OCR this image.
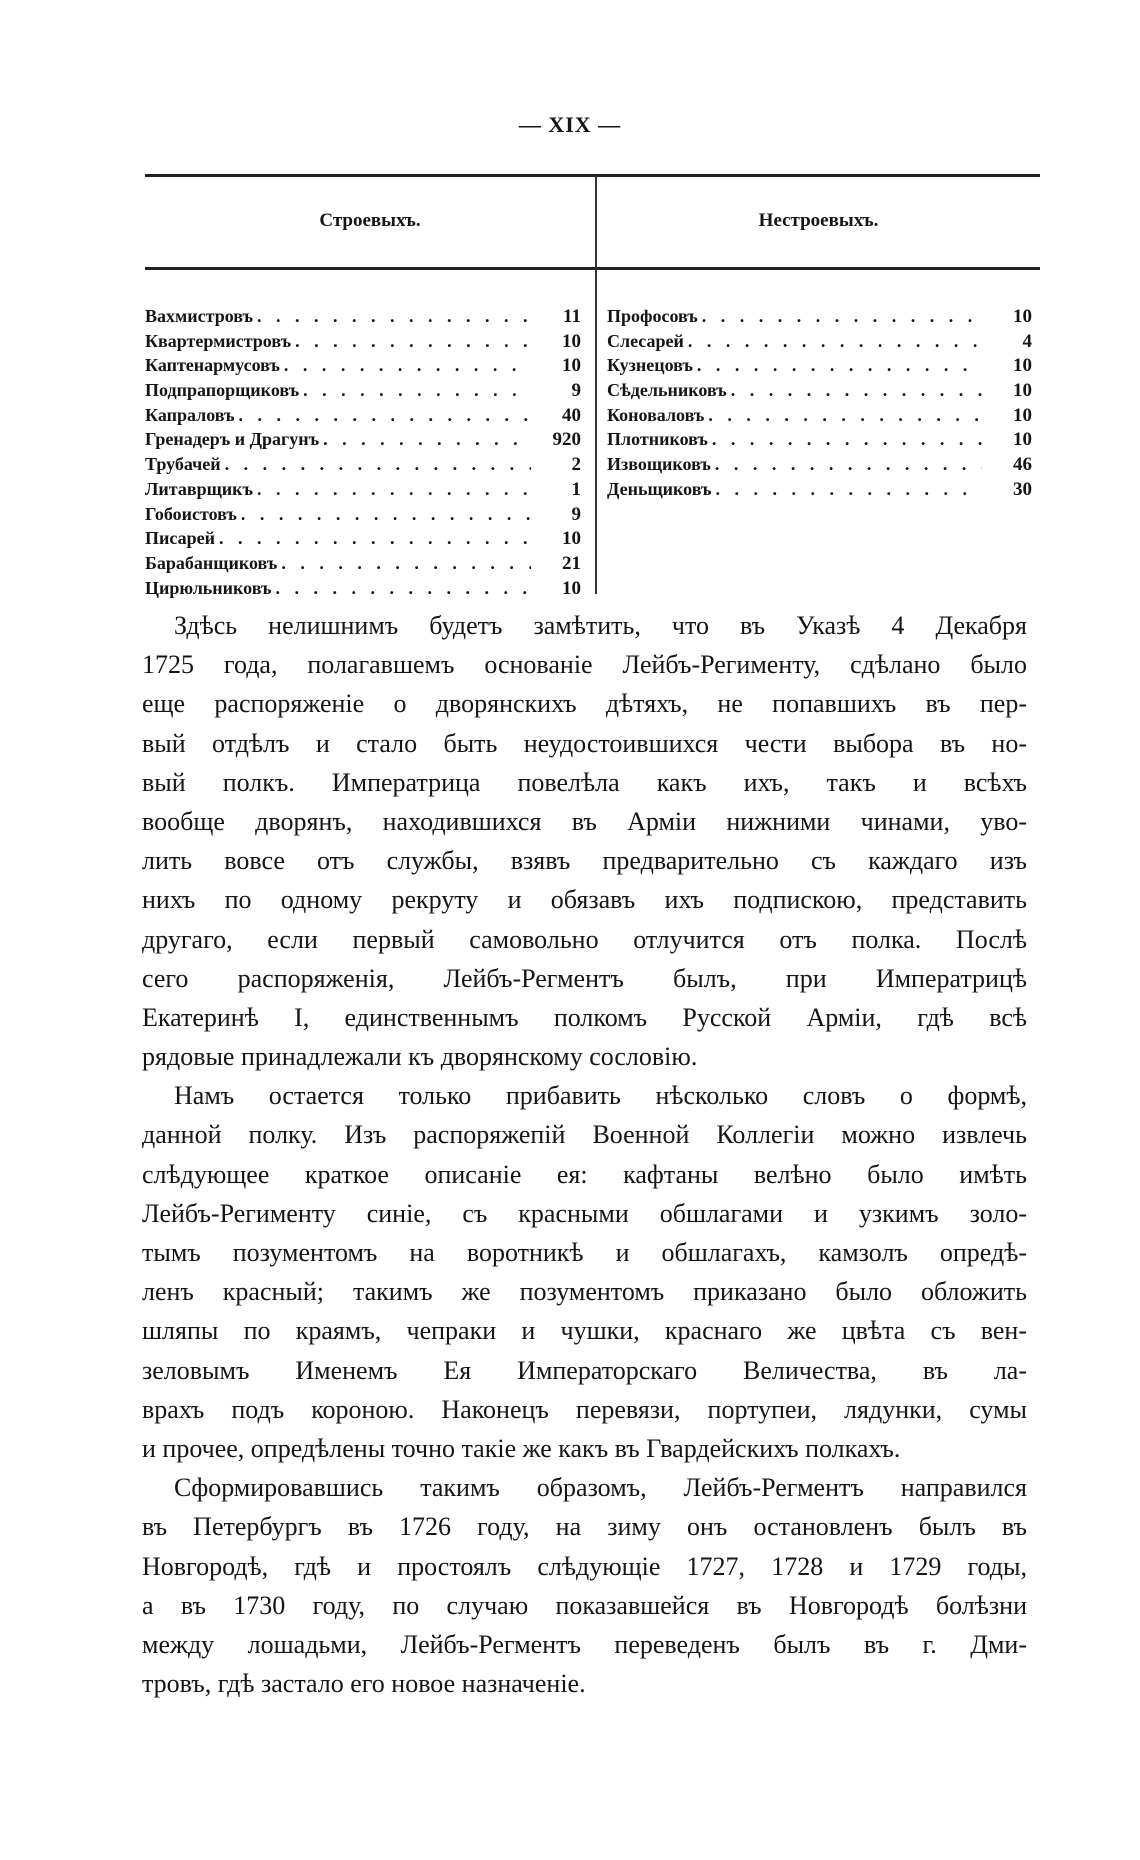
— XIX —
Строевыхъ.	Нестроевыхъ.
Вахмистровъ . . .	11
Квартермистровъ . . .	10
Каптенармусовъ . . .	10
Подпрапорщиковъ . . .	9
Капраловъ . . .	40
Гренадеръ и Драгунъ . . .	920
Трубачей . . .	2
Литаврщикъ . . .	1
Гобоистовъ . . .	9
Писарей . . .	10
Барабанщиковъ . . .	21
Цирюльниковъ . . .	10
Профосовъ . . .	10
Слесарей . . .	4
Кузнецовъ . . .	10
Сѣдельниковъ . . .	10
Коноваловъ . . .	10
Плотниковъ . . .	10
Извощиковъ . . .	46
Деньщиковъ . . .	30
Здѣсь нелишнимъ будетъ замѣтить, что въ Указѣ 4 Декабря
1725 года, полагавшемъ основаніе Лейбъ-Регименту, сдѣлано было
еще распоряженіе о дворянскихъ дѣтяхъ, не попавшихъ въ пер-
вый отдѣлъ и стало быть неудостоившихся чести выбора въ но-
вый полкъ. Императрица повелѣла какъ ихъ, такъ и всѣхъ
вообще дворянъ, находившихся въ Арміи нижними чинами, уво-
лить вовсе отъ службы, взявъ предварительно съ каждаго изъ
нихъ по одному рекруту и обязавъ ихъ подпискою, представить
другаго, если первый самовольно отлучится отъ полка. Послѣ
сего распоряженія, Лейбъ-Регментъ былъ, при Императрицѣ
Екатеринѣ I, единственнымъ полкомъ Русской Арміи, гдѣ всѣ
рядовые принадлежали къ дворянскому сословію.
Намъ остается только прибавить нѣсколько словъ о формѣ,
данной полку. Изъ распоряжепій Военной Коллегіи можно извлечь
слѣдующее краткое описаніе ея: кафтаны велѣно было имѣть
Лейбъ-Регименту синіе, съ красными обшлагами и узкимъ золо-
тымъ позументомъ на воротникѣ и обшлагахъ, камзолъ опредѣ-
ленъ красный; такимъ же позументомъ приказано было обложить
шляпы по краямъ, чепраки и чушки, краснаго же цвѣта съ вен-
зеловымъ Именемъ Ея Императорскаго Величества, въ ла-
врахъ подъ короною. Наконецъ перевязи, портупеи, лядунки, сумы
и прочее, опредѣлены точно такіе же какъ въ Гвардейскихъ полкахъ.
Сформировавшись такимъ образомъ, Лейбъ-Регментъ направился
въ Петербургъ въ 1726 году, на зиму онъ остановленъ былъ въ
Новгородѣ, гдѣ и простоялъ слѣдующіе 1727, 1728 и 1729 годы,
а въ 1730 году, по случаю показавшейся въ Новгородѣ болѣзни
между лошадьми, Лейбъ-Регментъ переведенъ былъ въ г. Дми-
тровъ, гдѣ застало его новое назначеніе.
